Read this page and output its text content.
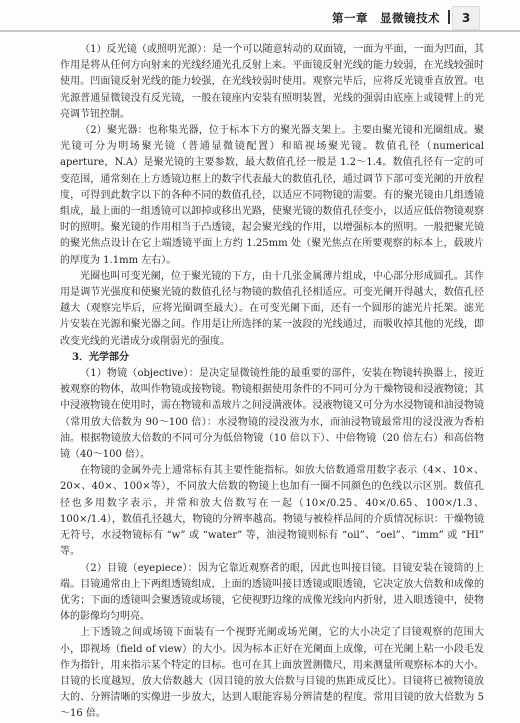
第一章　显微镜技术	3

（1）反光镜（或照明光源）：是一个可以随意转动的双面镜，一面为平面，一面为凹面，其作用是将从任何方向射来的光线经通光孔反射上来。平面镜反射光线的能力较弱，在光线较强时使用。凹面镜反射光线的能力较强，在光线较弱时使用。观察完毕后，应将反光镜垂直放置。电光源普通显微镜没有反光镜，一般在镜座内安装有照明装置，光线的强弱由底座上或镜臂上的光亮调节钮控制。

（2）聚光器：也称集光器，位于标本下方的聚光器支架上。主要由聚光镜和光圈组成。聚光镜可分为明场聚光镜（普通显微镜配置）和暗视场聚光镜。数值孔径（numerical aperture，N.A）是聚光镜的主要参数，最大数值孔径一般是 1.2～1.4。数值孔径有一定的可变范围，通常刻在上方透镜边框上的数字代表最大的数值孔径，通过调节下部可变光阑的开放程度，可得到此数字以下的各种不同的数值孔径，以适应不同物镜的需要。有的聚光镜由几组透镜组成，最上面的一组透镜可以卸掉或移出光路，使聚光镜的数值孔径变小，以适应低倍物镜观察时的照明。聚光镜的作用相当于凸透镜，起会聚光线的作用，以增强标本的照明。一般把聚光镜的聚光焦点设计在它上端透镜平面上方约 1.25mm 处（聚光焦点在所要观察的标本上，载玻片的厚度为 1.1mm 左右）。

光圈也叫可变光阑，位于聚光镜的下方，由十几张金属薄片组成，中心部分形成圆孔。其作用是调节光强度和使聚光镜的数值孔径与物镜的数值孔径相适应。可变光阑开得越大，数值孔径越大（观察完毕后，应将光圈调至最大）。在可变光阑下面，还有一个圆形的滤光片托架。滤光片安装在光源和聚光器之间。作用是让所选择的某一波段的光线通过，而吸收掉其他的光线，即改变光线的光谱成分或削弱光的强度。

3．光学部分

（1）物镜（objective）：是决定显微镜性能的最重要的部件，安装在物镜转换器上，接近被观察的物体，故叫作物镜或接物镜。物镜根据使用条件的不同可分为干燥物镜和浸液物镜；其中浸液物镜在使用时，需在物镜和盖玻片之间浸满液体。浸液物镜又可分为水浸物镜和油浸物镜（常用放大倍数为 90～100 倍）：水浸物镜的浸没液为水，而油浸物镜最常用的浸没液为香柏油。根据物镜放大倍数的不同可分为低倍物镜（10 倍以下）、中倍物镜（20 倍左右）和高倍物镜（40～100 倍）。

在物镜的金属外壳上通常标有其主要性能指标。如放大倍数通常用数字表示（4×、10×、20×、40×、100×等），不同放大倍数的物镜上也加有一圈不同颜色的色线以示区别。数值孔径也多用数字表示，并常和放大倍数写在一起（10×/0.25、40×/0.65、100×/1.3、100×/1.4），数值孔径越大，物镜的分辨率越高。物镜与被检样品间的介质情况标识：干燥物镜无符号，水浸物镜标有 “w” 或 “water” 等，油浸物镜则标有 “oil”、“oel”、“imm” 或 “HI” 等。

（2）目镜（eyepiece）：因为它靠近观察者的眼，因此也叫接目镜。目镜安装在镜筒的上端。目镜通常由上下两组透镜组成，上面的透镜叫接目透镜或眼透镜，它决定放大倍数和成像的优劣；下面的透镜叫会聚透镜或场镜，它使视野边缘的成像光线向内折射，进入眼透镜中，使物体的影像均匀明亮。

上下透镜之间或场镜下面装有一个视野光阑或场光阑，它的大小决定了目镜观察的范围大小，即视场（field of view）的大小。因为标本正好在光阑面上成像，可在光阑上粘一小段毛发作为指针，用来指示某个特定的目标。也可在其上面放置测微尺，用来测量所观察标本的大小。目镜的长度越短，放大倍数越大（因目镜的放大倍数与目镜的焦距成反比）。目镜将已被物镜放大的、分辨清晰的实像进一步放大，达到人眼能容易分辨清楚的程度。常用目镜的放大倍数为 5～16 倍。
